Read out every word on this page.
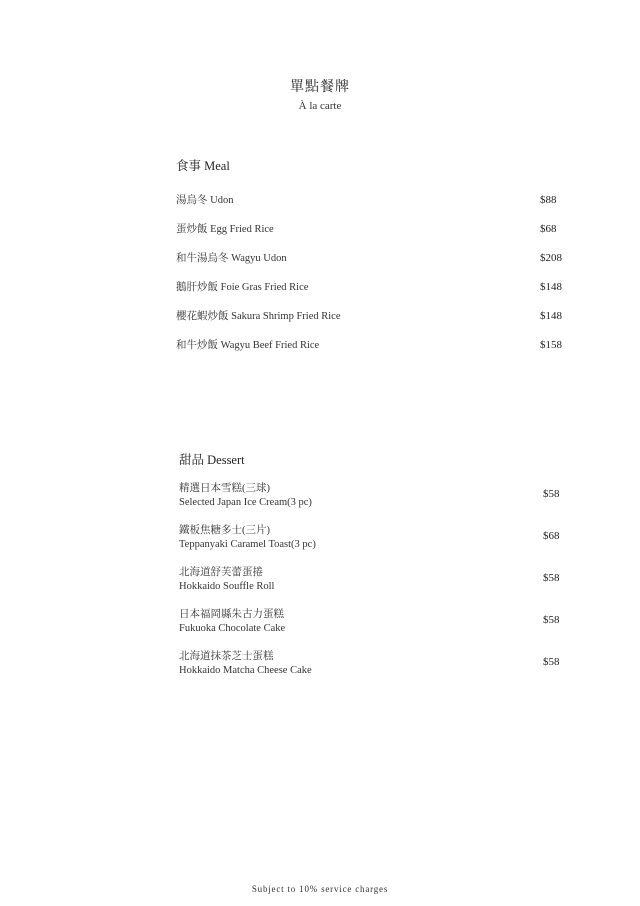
單點餐牌
À la carte
食事 Meal
湯烏冬 Udon	$88
蛋炒飯 Egg Fried Rice	$68
和牛湯烏冬 Wagyu Udon	$208
鵝肝炒飯 Foie Gras Fried Rice	$148
櫻花蝦炒飯 Sakura Shrimp Fried Rice	$148
和牛炒飯 Wagyu Beef Fried Rice	$158
甜品 Dessert
精選日本雪糕(三球)
Selected Japan Ice Cream(3 pc)
$58
鐵板焦糖多士(三片)
Teppanyaki Caramel Toast(3 pc)
$68
北海道舒芙蕾蛋捲
Hokkaido Souffle Roll
$58
日本福岡縣朱古力蛋糕
Fukuoka Chocolate Cake
$58
北海道抹茶芝士蛋糕
Hokkaido Matcha Cheese Cake
$58
Subject to 10% service charges
